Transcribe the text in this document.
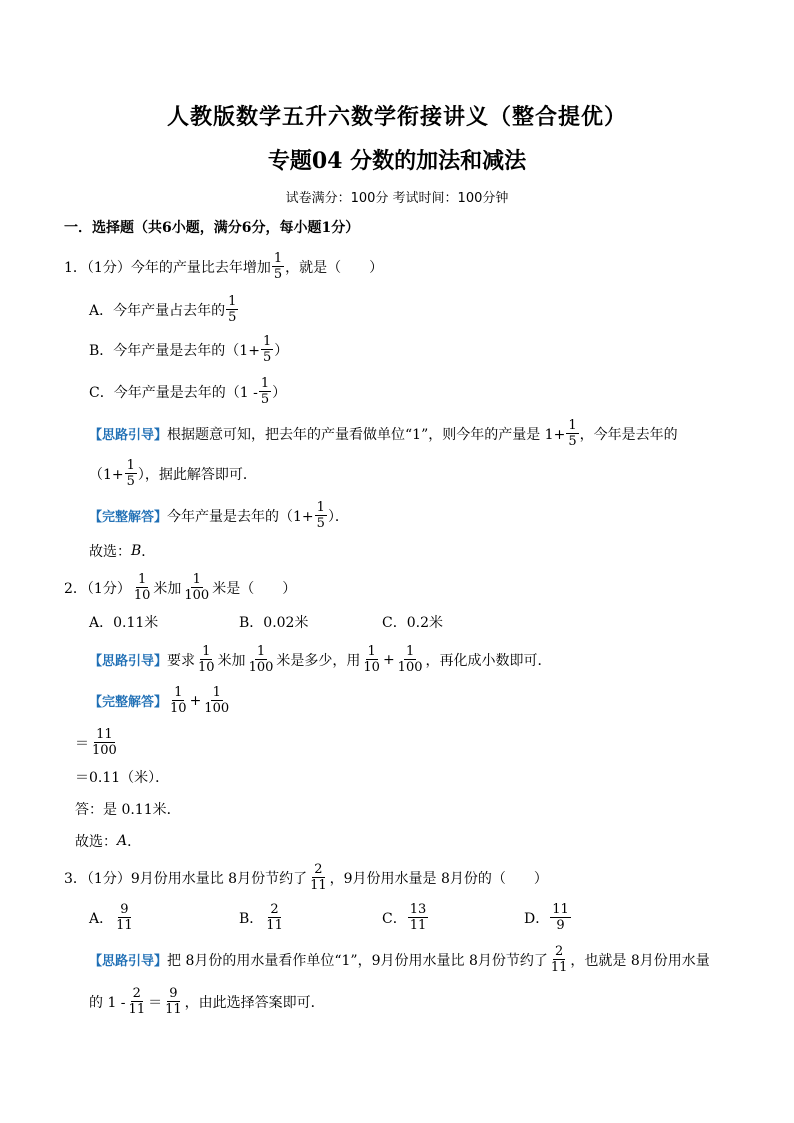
人教版数学五升六数学衔接讲义（整合提优）
专题04 分数的加法和减法
试卷满分：100分 考试时间：100分钟
一．选择题（共6小题，满分6分，每小题1分）
1．（1分）今年的产量比去年增加 $\frac{1}{5}$ ，就是（　　）
A．今年产量占去年的 $\frac{1}{5}$
B．今年产量是去年的（$1+ \frac{1}{5}$ ）
C．今年产量是去年的（$1 - \frac{1}{5}$ ）
【思路引导】 根据题意可知，把去年的产量看做单位“1”，则今年的产量是 $1+ \frac{1}{5}$ ，今年是去年的
（$1+ \frac{1}{5}$ ），据此解答即可．
【完整解答】 今年产量是去年的（$1+ \frac{1}{5}$ ）．
故选： B ．
2．（1分） $\frac{1}{10}$ 米加 $\frac{1}{100}$ 米是（　　）
A．0.11米	B．0.02米	C．0.2米
【思路引导】 要求 $\frac{1}{10}$ 米加 $\frac{1}{100}$ 米是多少，用 $\frac{1}{10} + \frac{1}{100}$ ，再化成小数即可．
【完整解答】 $\frac{1}{10} + \frac{1}{100}$
＝ $\frac{11}{100}$
＝0.11（米）．
答：是 0.11米．
故选： A ．
3．（1分）9月份用水量比 8月份节约了 $\frac{2}{11}$ ，9月份用水量是 8月份的（　　）
A． $\frac{9}{11}$	B． $\frac{2}{11}$	C． $\frac{13}{11}$	D． $\frac{11}{9}$
【思路引导】 把 8月份的用水量看作单位“1”，9月份用水量比 8月份节约了 $\frac{2}{11}$ ，也就是 8月份用水量
的 $1 - \frac{2}{11} = \frac{9}{11}$ ，由此选择答案即可．
